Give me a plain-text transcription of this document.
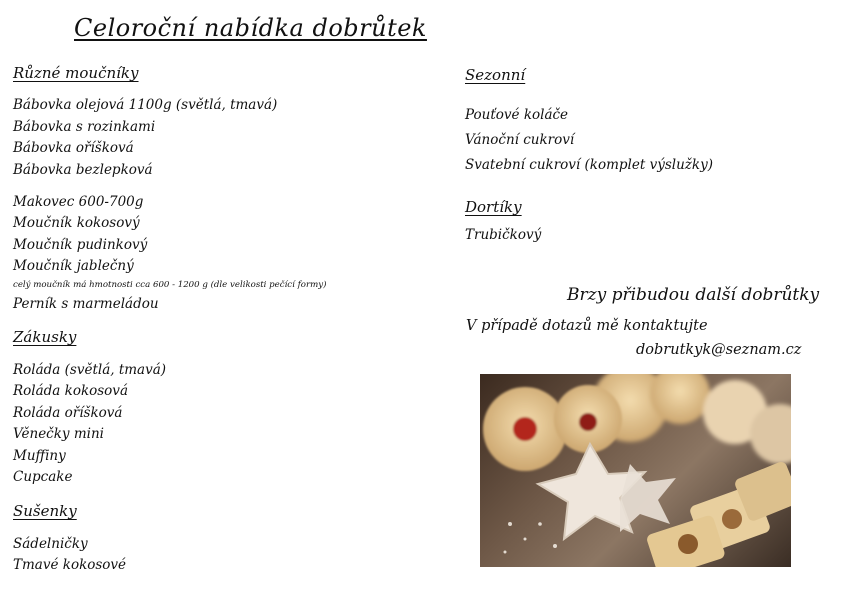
Celoroční nabídka dobrůtek
Různé moučníky
Bábovka olejová 1100g (světlá, tmavá)
Bábovka s rozinkami
Bábovka oříšková
Bábovka bezlepková
Makovec 600-700g
Moučník kokosový
Moučník pudinkový
Moučník jablečný
celý moučník má hmotnosti cca 600 - 1200 g (dle velikosti pečící formy)
Perník s marmeládou
Zákusky
Roláda (světlá, tmavá)
Roláda kokosová
Roláda oříšková
Věnečky mini
Muffiny
Cupcake
Sušenky
Sádelničky
Tmavé kokosové
Sezonní
Pouťové koláče
Vánoční cukroví
Svatební cukroví (komplet výslužky)
Dortíky
Trubičkový
Brzy přibudou další dobrůtky
V případě dotazů mě kontaktujte
dobrutkyk@seznam.cz
